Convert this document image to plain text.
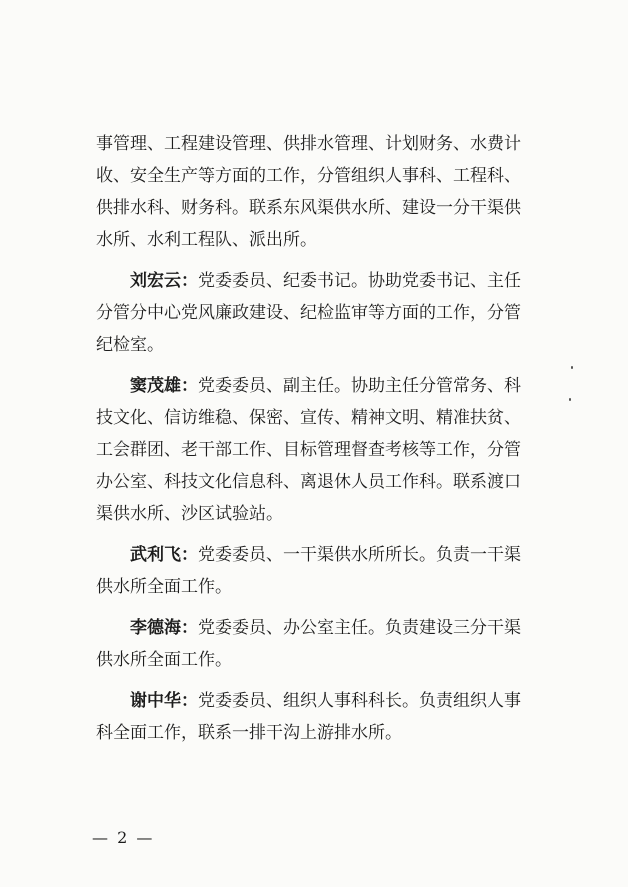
事管理、工程建设管理、供排水管理、计划财务、水费计收、安全生产等方面的工作，分管组织人事科、工程科、供排水科、财务科。联系东风渠供水所、建设一分干渠供水所、水利工程队、派出所。

刘宏云：党委委员、纪委书记。协助党委书记、主任分管分中心党风廉政建设、纪检监审等方面的工作，分管纪检室。

窦茂雄：党委委员、副主任。协助主任分管常务、科技文化、信访维稳、保密、宣传、精神文明、精准扶贫、工会群团、老干部工作、目标管理督查考核等工作，分管办公室、科技文化信息科、离退休人员工作科。联系渡口渠供水所、沙区试验站。

武利飞：党委委员、一干渠供水所所长。负责一干渠供水所全面工作。

李德海：党委委员、办公室主任。负责建设三分干渠供水所全面工作。

谢中华：党委委员、组织人事科科长。负责组织人事科全面工作，联系一排干沟上游排水所。

— 2 —
